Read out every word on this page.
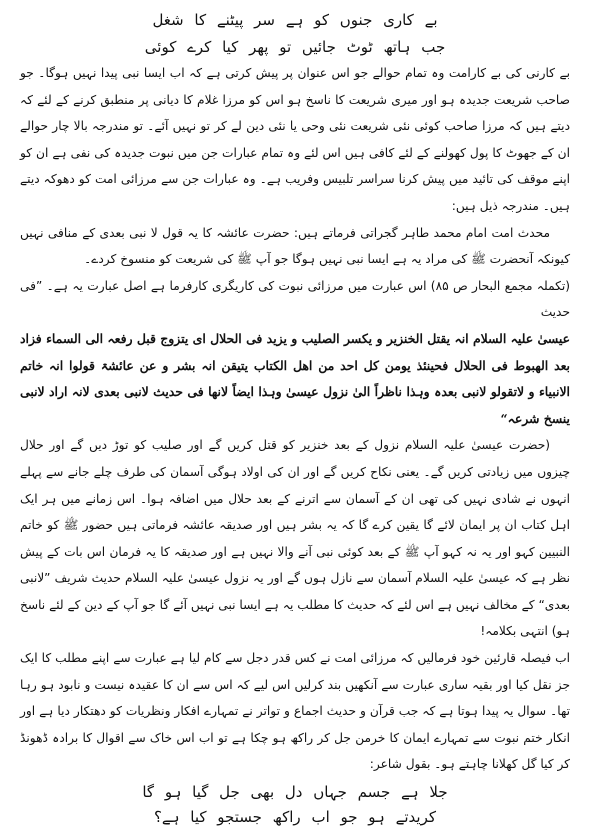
بے کاری جنوں کو ہے سر پیٹنے کا شغل

جب ہاتھ ٹوٹ جائیں تو پھر کیا کرے کوئی

بے کارنی کی بے کارامت وہ تمام حوالے جو اس عنوان پر پیش کرتی ہے کہ اب ایسا نبی پیدا نہیں ہوگا۔ جو صاحب شریعت جدیدہ ہو اور میری شریعت کا ناسخ ہو اس کو مرزا غلام کا دیانی پر منطبق کرنے کے لئے کہ دیتے ہیں کہ مرزا صاحب کوئی نئی شریعت نئی وحی یا نئی دین لے کر تو نہیں آئے۔ تو مندرجہ بالا چار حوالے ان کے جھوٹ کا پول کھولنے کے لئے کافی ہیں اس لئے وہ تمام عبارات جن میں نبوت جدیدہ کی نفی ہے ان کو اپنے موقف کی تائید میں پیش کرنا سراسر تلبیس وفریب ہے۔ وہ عبارات جن سے مرزائی امت کو دھوکہ دیتے ہیں۔ مندرجہ ذیل ہیں:

محدث امت امام محمد طاہر گجراتی فرماتے ہیں: حضرت عائشہ کا یہ قول لا نبی بعدی کے منافی نہیں کیونکہ آنحضرت ﷺ کی مراد یہ ہے ایسا نبی نہیں ہوگا جو آپ ﷺ کی شریعت کو منسوخ کردے۔

(تکملہ مجمع البحار ص ۸۵) اس عبارت میں مرزائی نبوت کی کاریگری کارفرما ہے اصل عبارت یہ ہے۔ ”فی حدیث

عیسیٰ علیہ السلام انہ یقتل الخنزیر و یکسر الصلیب و یزید فی الحلال ای یتزوج قبل رفعہ الی السماء فزاد بعد الھبوط فی الحلال فحینئذ یومن کل احد من اھل الکتاب یتیقن انہ بشر و عن عائشۃ قولوا انہ خاتم الانبیاء و لاتقولو لانبی بعدہ وہذا ناظراً الیٰ نزول عیسیٰ وہذا ایضاً لانھا فی حدیث لانبی بعدی لانہ اراد لانبی ینسخ شرعہ“

(حضرت عیسیٰ علیہ السلام نزول کے بعد خنزیر کو قتل کریں گے اور صلیب کو توڑ دیں گے اور حلال چیزوں میں زیادتی کریں گے۔ یعنی نکاح کریں گے اور ان کی اولاد ہوگی آسمان کی طرف چلے جانے سے پہلے انہوں نے شادی نہیں کی تھی ان کے آسمان سے اترنے کے بعد حلال میں اضافہ ہوا۔ اس زمانے میں ہر ایک اہل کتاب ان پر ایمان لائے گا یقین کرے گا کہ یہ بشر ہیں اور صدیقہ عائشہ فرماتی ہیں حضور ﷺ کو خاتم النبیین کہو اور یہ نہ کہو آپ ﷺ کے بعد کوئی نبی آنے والا نہیں ہے اور صدیقہ کا یہ فرمان اس بات کے پیش نظر ہے کہ عیسیٰ علیہ السلام آسمان سے نازل ہوں گے اور یہ نزول عیسیٰ علیہ السلام حدیث شریف ”لانبی بعدی“ کے مخالف نہیں ہے اس لئے کہ حدیث کا مطلب یہ ہے ایسا نبی نہیں آئے گا جو آپ کے دین کے لئے ناسخ ہو) انتہی بکلامہ!

اب فیصلہ قارئین خود فرمالیں کہ مرزائی امت نے کس قدر دجل سے کام لیا ہے عبارت سے اپنے مطلب کا ایک جز نقل کیا اور بقیہ ساری عبارت سے آنکھیں بند کرلیں اس لیے کہ اس سے ان کا عقیدہ نیست و نابود ہو رہا تھا۔ سوال یہ پیدا ہوتا ہے کہ جب قرآن و حدیث اجماع و تواتر نے تمہارے افکار ونظریات کو دھتکار دیا ہے اور انکار ختم نبوت سے تمہارے ایمان کا خرمن جل کر راکھ ہو چکا ہے تو اب اس خاک سے اقوال کا برادہ ڈھونڈ کر کیا گل کھلانا چاہتے ہو۔ بقول شاعر:

جلا ہے جسم جہاں دل بھی جل گیا ہو گا

کریدتے ہو جو اب راکھ جستجو کیا ہے؟
